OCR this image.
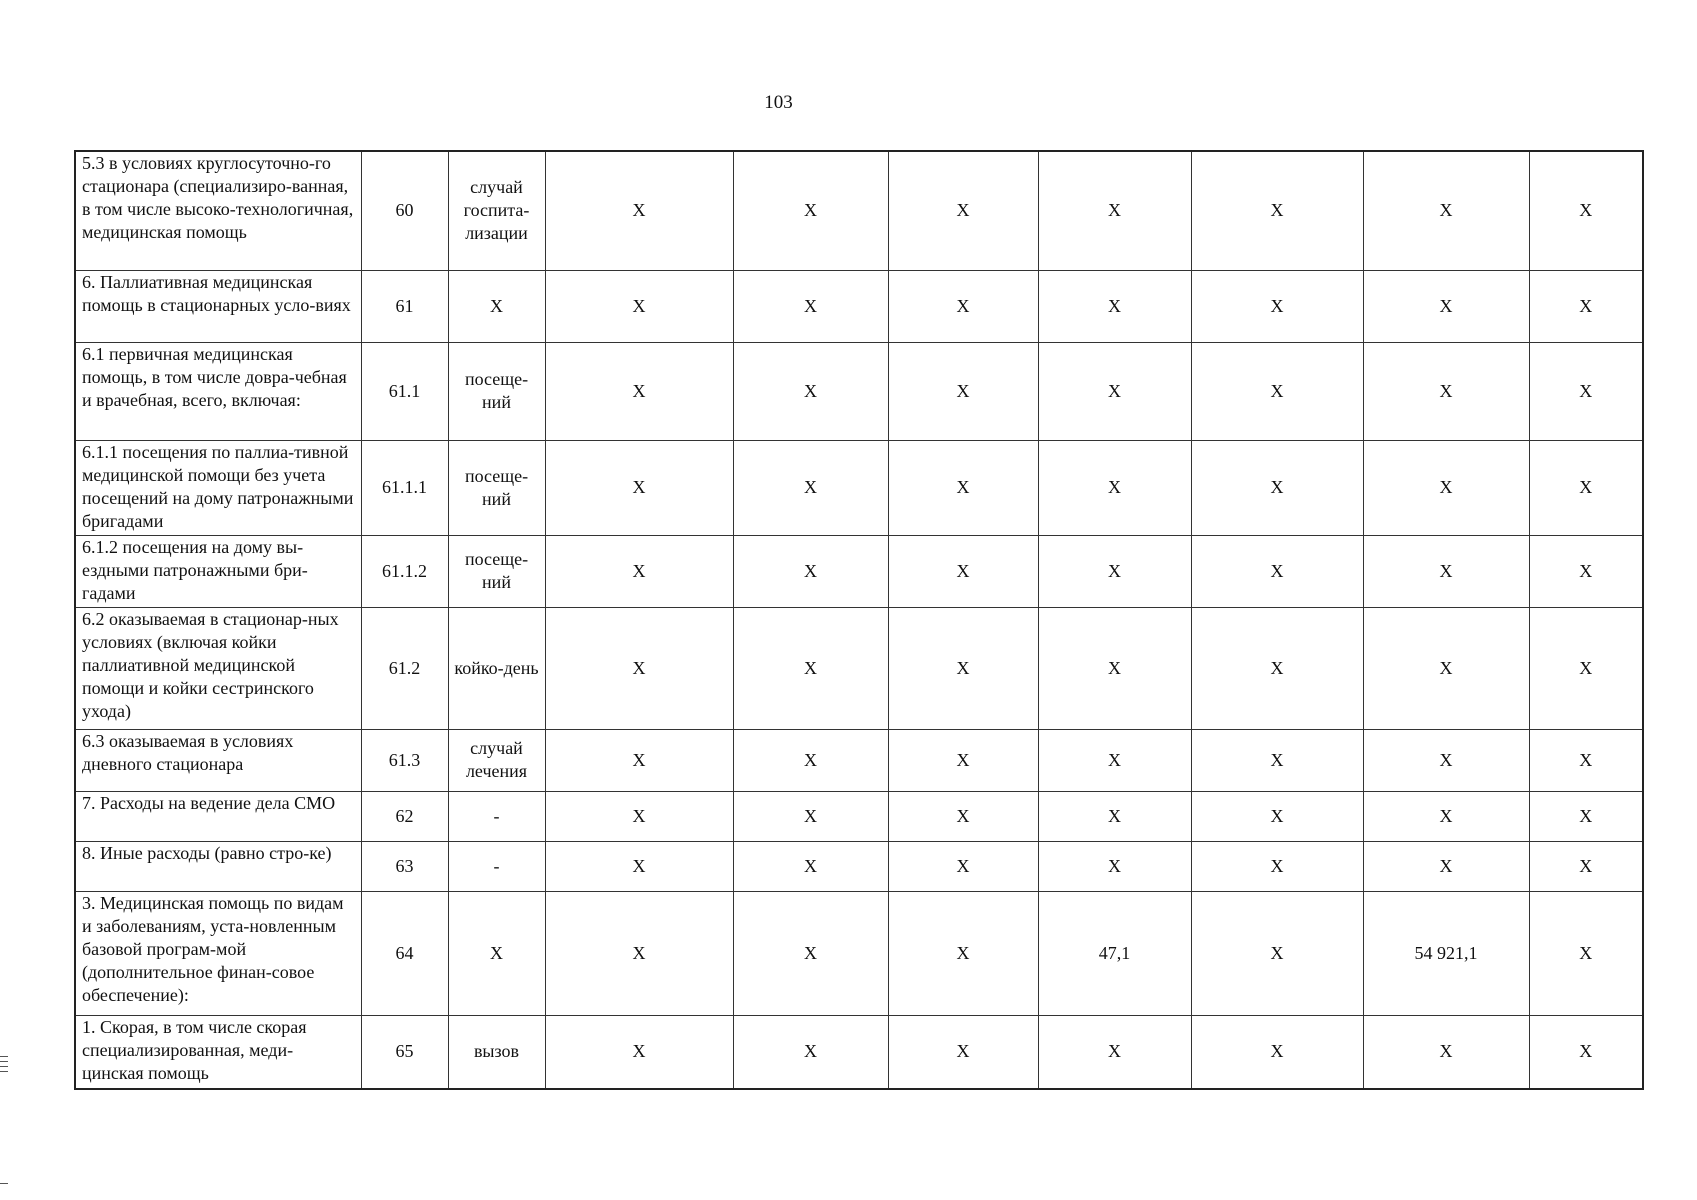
103
5.3 в условиях круглосуточно-го стационара (специализиро-ванная, в том числе высоко-технологичная, медицинская помощь	60	случай госпита-лизации	X	X	X	X	X	X	X
6. Паллиативная медицинская помощь в стационарных усло-виях	61	X	X	X	X	X	X	X	X
6.1 первичная медицинская помощь, в том числе довра-чебная и врачебная, всего, включая:	61.1	посеще-ний	X	X	X	X	X	X	X
6.1.1 посещения по паллиа-тивной медицинской помощи без учета посещений на дому патронажными бригадами	61.1.1	посеще-ний	X	X	X	X	X	X	X
6.1.2 посещения на дому вы-ездными патронажными бри-гадами	61.1.2	посеще-ний	X	X	X	X	X	X	X
6.2 оказываемая в стационар-ных условиях (включая койки паллиативной медицинской помощи и койки сестринского ухода)	61.2	койко-день	X	X	X	X	X	X	X
6.3 оказываемая в условиях дневного стационара	61.3	случай лечения	X	X	X	X	X	X	X
7. Расходы на ведение дела СМО	62	-	X	X	X	X	X	X	X
8. Иные расходы (равно стро-ке)	63	-	X	X	X	X	X	X	X
3. Медицинская помощь по видам и заболеваниям, уста-новленным базовой програм-мой (дополнительное финан-совое обеспечение):	64	X	X	X	X	47,1	X	54 921,1	X
1. Скорая, в том числе скорая специализированная, меди-цинская помощь	65	вызов	X	X	X	X	X	X	X
